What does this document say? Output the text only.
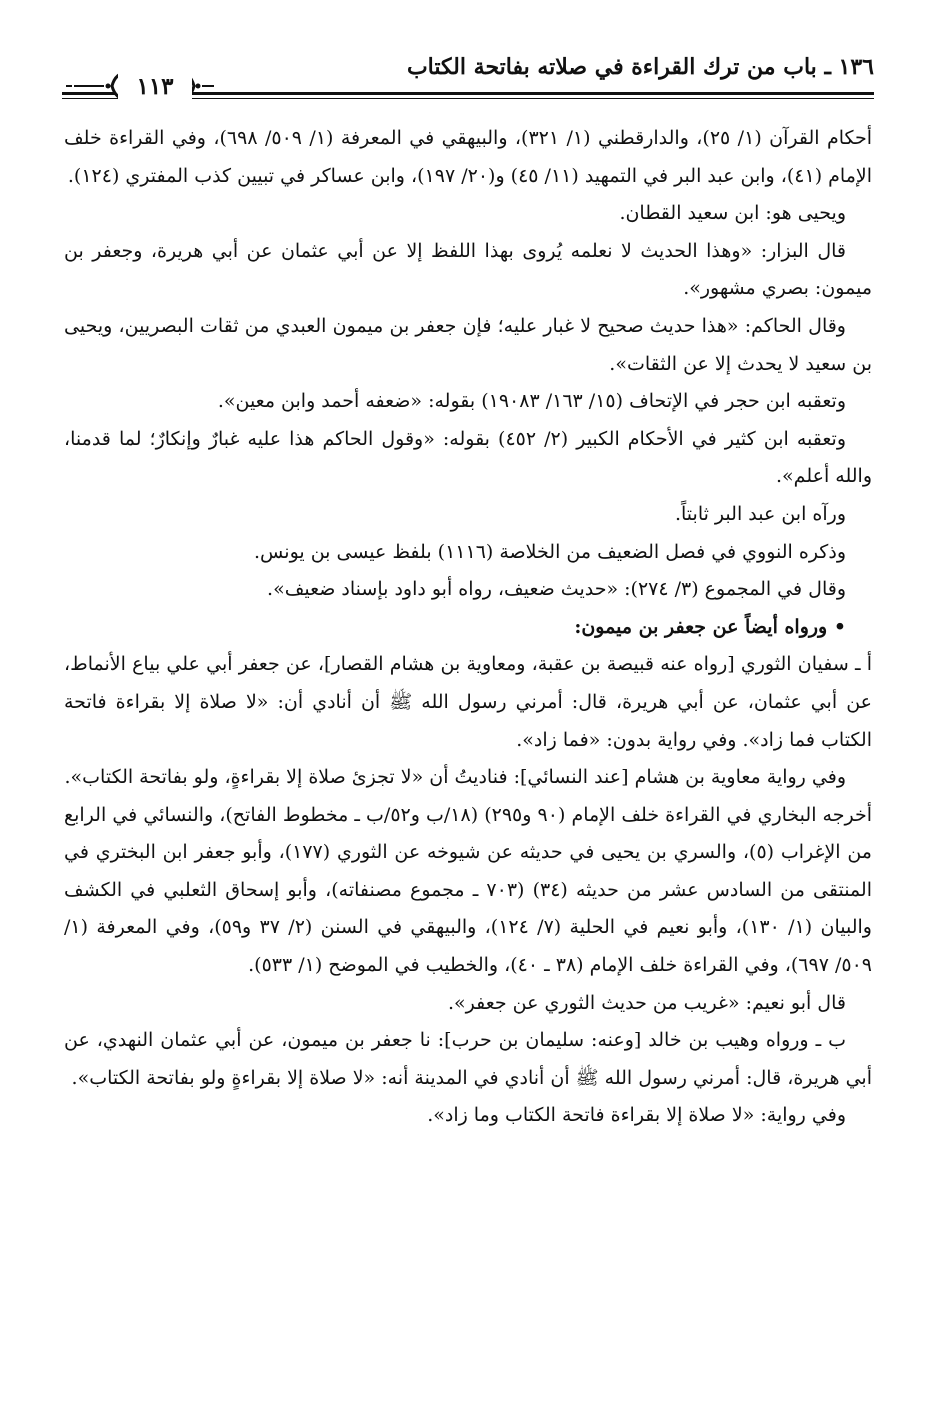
١٣٦ ـ باب من ترك القراءة في صلاته بفاتحة الكتاب
١١٣

أحكام القرآن (١/ ٢٥)، والدارقطني (١/ ٣٢١)، والبيهقي في المعرفة (١/ ٥٠٩/ ٦٩٨)، وفي القراءة خلف الإمام (٤١)، وابن عبد البر في التمهيد (١١/ ٤٥) و(٢٠/ ١٩٧)، وابن عساكر في تبيين كذب المفتري (١٢٤).

ويحيى هو: ابن سعيد القطان.

قال البزار: «وهذا الحديث لا نعلمه يُروى بهذا اللفظ إلا عن أبي عثمان عن أبي هريرة، وجعفر بن ميمون: بصري مشهور».

وقال الحاكم: «هذا حديث صحيح لا غبار عليه؛ فإن جعفر بن ميمون العبدي من ثقات البصريين، ويحيى بن سعيد لا يحدث إلا عن الثقات».

وتعقبه ابن حجر في الإتحاف (١٥/ ١٦٣/ ١٩٠٨٣) بقوله: «ضعفه أحمد وابن معين».

وتعقبه ابن كثير في الأحكام الكبير (٢/ ٤٥٢) بقوله: «وقول الحاكم هذا عليه غبارٌ وإنكارٌ؛ لما قدمنا، والله أعلم».

ورآه ابن عبد البر ثابتاً.

وذكره النووي في فصل الضعيف من الخلاصة (١١١٦) بلفظ عيسى بن يونس.

وقال في المجموع (٣/ ٢٧٤): «حديث ضعيف، رواه أبو داود بإسناد ضعيف».

• ورواه أيضاً عن جعفر بن ميمون:

أ ـ سفيان الثوري [رواه عنه قبيصة بن عقبة، ومعاوية بن هشام القصار]، عن جعفر أبي علي بياع الأنماط، عن أبي عثمان، عن أبي هريرة، قال: أمرني رسول الله ﷺ أن أنادي أن: «لا صلاة إلا بقراءة فاتحة الكتاب فما زاد». وفي رواية بدون: «فما زاد».

وفي رواية معاوية بن هشام [عند النسائي]: فناديتُ أن «لا تجزئ صلاة إلا بقراءةٍ، ولو بفاتحة الكتاب».

أخرجه البخاري في القراءة خلف الإمام (٩٠ و٢٩٥) (١٨/ب و٥٢/ب ـ مخطوط الفاتح)، والنسائي في الرابع من الإغراب (٥)، والسري بن يحيى في حديثه عن شيوخه عن الثوري (١٧٧)، وأبو جعفر ابن البختري في المنتقى من السادس عشر من حديثه (٣٤) (٧٠٣ ـ مجموع مصنفاته)، وأبو إسحاق الثعلبي في الكشف والبيان (١/ ١٣٠)، وأبو نعيم في الحلية (٧/ ١٢٤)، والبيهقي في السنن (٢/ ٣٧ و٥٩)، وفي المعرفة (١/ ٥٠٩/ ٦٩٧)، وفي القراءة خلف الإمام (٣٨ ـ ٤٠)، والخطيب في الموضح (١/ ٥٣٣).

قال أبو نعيم: «غريب من حديث الثوري عن جعفر».

ب ـ ورواه وهيب بن خالد [وعنه: سليمان بن حرب]: نا جعفر بن ميمون، عن أبي عثمان النهدي، عن أبي هريرة، قال: أمرني رسول الله ﷺ أن أنادي في المدينة أنه: «لا صلاة إلا بقراءةٍ ولو بفاتحة الكتاب».

وفي رواية: «لا صلاة إلا بقراءة فاتحة الكتاب وما زاد».
